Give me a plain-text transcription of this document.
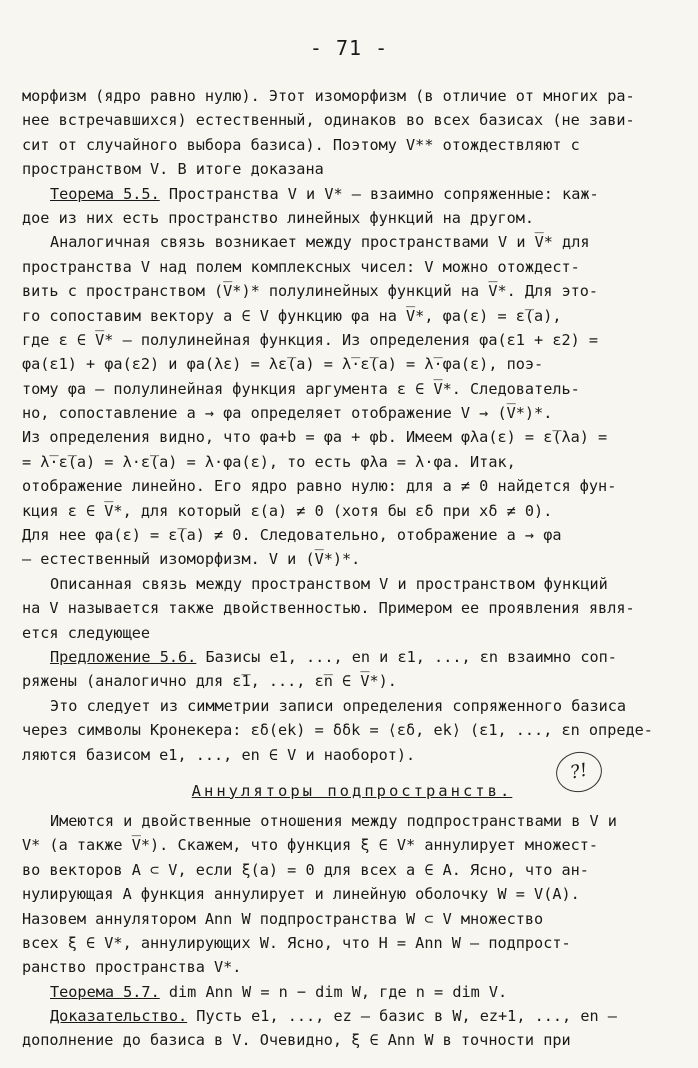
- 71 -
морфизм (ядро равно нулю). Этот изоморфизм (в отличие от многих ра-
нее встречавшихся) естественный, одинаков во всех базисах (не зави-
сит от случайного выбора базиса). Поэтому V** отождествляют с
пространством V. В итоге доказана
Теорема 5.5. Пространства V и V* – взаимно сопряженные: каж-
дое из них есть пространство линейных функций на другом.
Аналогичная связь возникает между пространствами V и V̅* для
пространства V над полем комплексных чисел: V можно отождест-
вить с пространством (V̅*)* полулинейных функций на V̅*. Для это-
го сопоставим вектору a ∈ V функцию φa на V̅*, φa(ε) = ε̅(a),
где ε ∈ V̅* – полулинейная функция. Из определения φa(ε1 + ε2) =
φa(ε1) + φa(ε2) и φa(λε) = λε̅(a) = λ̅·ε̅(a) = λ̅·φa(ε), поэ-
тому φa – полулинейная функция аргумента ε ∈ V̅*. Следователь-
но, сопоставление a → φa определяет отображение V → (V̅*)*.
Из определения видно, что φa+b = φa + φb. Имеем φλa(ε) = ε̅(λa) =
= λ̅·ε̅(a) = λ·ε̅(a) = λ·φa(ε), то есть φλa = λ·φa. Итак,
отображение линейно. Его ядро равно нулю: для a ≠ 0 найдется фун-
кция ε ∈ V̅*, для который ε(a) ≠ 0 (хотя бы εδ при xδ ≠ 0).
Для нее φa(ε) = ε̅(a) ≠ 0. Следовательно, отображение a → φa
– естественный изоморфизм. V и (V̅*)*.
Описанная связь между пространством V и пространством функций
на V называется также двойственностью. Примером ее проявления явля-
ется следующее
Предложение 5.6. Базисы e1, ..., en и ε1, ..., εn взаимно соп-
ряжены (аналогично для ε̅1, ..., ε̅n ∈ V̅*).
Это следует из симметрии записи определения сопряженного базиса
через символы Кронекера: εδ(ek) = δδk = ⟨εδ, ek⟩ (ε1, ..., εn опреде-
ляются базисом e1, ..., en ∈ V и наоборот).
Аннуляторы подпространств.
Имеются и двойственные отношения между подпространствами в V и
V* (а также V̅*). Скажем, что функция ξ ∈ V* аннулирует множест-
во векторов A ⊂ V, если ξ(a) = 0 для всех a ∈ A. Ясно, что ан-
нулирующая A функция аннулирует и линейную оболочку W = V(A).
Назовем аннулятором Ann W подпространства W ⊂ V множество
всех ξ ∈ V*, аннулирующих W. Ясно, что H = Ann W – подпрост-
ранство пространства V*.
Теорема 5.7. dim Ann W = n − dim W, где n = dim V.
Доказательство. Пусть e1, ..., ez – базис в W, ez+1, ..., en –
дополнение до базиса в V. Очевидно, ξ ∈ Ann W в точности при
?!
